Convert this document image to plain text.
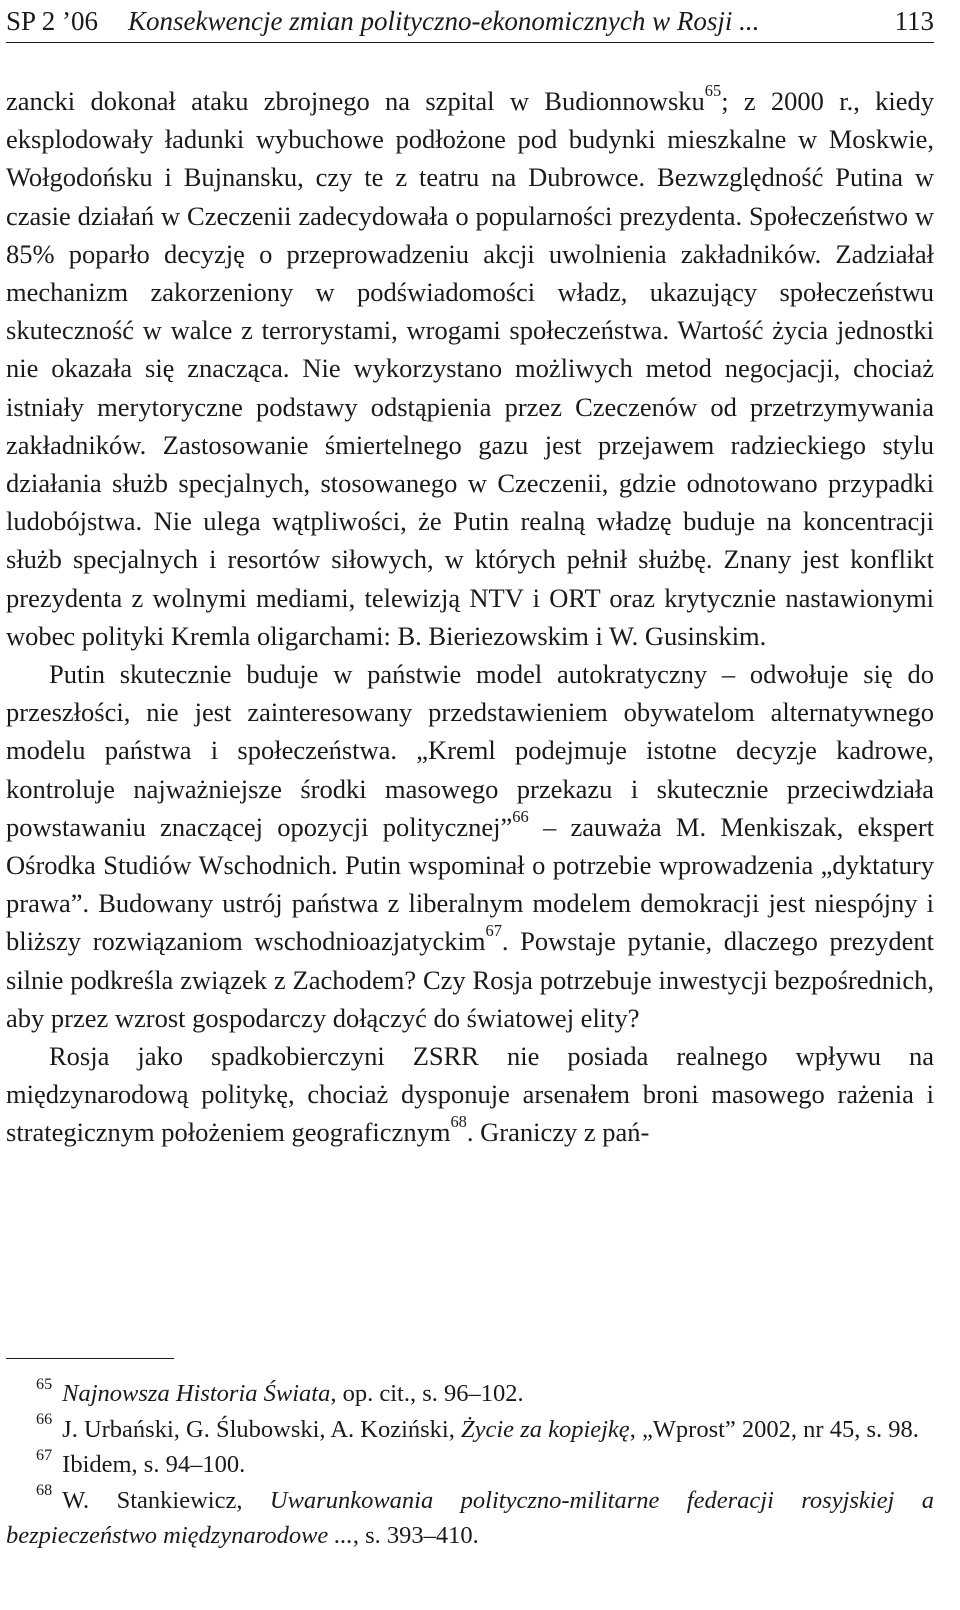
SP 2 ’06 Konsekwencje zmian polityczno-ekonomicznych w Rosji ...	113

zancki dokonał ataku zbrojnego na szpital w Budionnowsku$^{65}$; z 2000 r., kiedy eksplodowały ładunki wybuchowe podłożone pod budynki mieszkalne w Moskwie, Wołgodońsku i Bujnansku, czy te z teatru na Dubrowce. Bezwzględność Putina w czasie działań w Czeczenii zadecydowała o popularności prezydenta. Społeczeństwo w 85% poparło decyzję o przeprowadzeniu akcji uwolnienia zakładników. Zadziałał mechanizm zakorzeniony w podświadomości władz, ukazujący społeczeństwu skuteczność w walce z terrorystami, wrogami społeczeństwa. Wartość życia jednostki nie okazała się znacząca. Nie wykorzystano możliwych metod negocjacji, chociaż istniały merytoryczne podstawy odstąpienia przez Czeczenów od przetrzymywania zakładników. Zastosowanie śmiertelnego gazu jest przejawem radzieckiego stylu działania służb specjalnych, stosowanego w Czeczenii, gdzie odnotowano przypadki ludobójstwa. Nie ulega wątpliwości, że Putin realną władzę buduje na koncentracji służb specjalnych i resortów siłowych, w których pełnił służbę. Znany jest konflikt prezydenta z wolnymi mediami, telewizją NTV i ORT oraz krytycznie nastawionymi wobec polityki Kremla oligarchami: B. Bieriezowskim i W. Gusinskim.

Putin skutecznie buduje w państwie model autokratyczny – odwołuje się do przeszłości, nie jest zainteresowany przedstawieniem obywatelom alternatywnego modelu państwa i społeczeństwa. „Kreml podejmuje istotne decyzje kadrowe, kontroluje najważniejsze środki masowego przekazu i skutecznie przeciwdziała powstawaniu znaczącej opozycji politycznej”$^{66}$ – zauważa M. Menkiszak, ekspert Ośrodka Studiów Wschodnich. Putin wspominał o potrzebie wprowadzenia „dyktatury prawa”. Budowany ustrój państwa z liberalnym modelem demokracji jest niespójny i bliższy rozwiązaniom wschodnioazjatyckim$^{67}$. Powstaje pytanie, dlaczego prezydent silnie podkreśla związek z Zachodem? Czy Rosja potrzebuje inwestycji bezpośrednich, aby przez wzrost gospodarczy dołączyć do światowej elity?

Rosja jako spadkobierczyni ZSRR nie posiada realnego wpływu na międzynarodową politykę, chociaż dysponuje arsenałem broni masowego rażenia i strategicznym położeniem geograficznym$^{68}$. Graniczy z pań-

$^{65}$ Najnowsza Historia Świata, op. cit., s. 96–102.

$^{66}$ J. Urbański, G. Ślubowski, A. Koziński, Życie za kopiejkę, „Wprost” 2002, nr 45, s. 98.

$^{67}$ Ibidem, s. 94–100.

$^{68}$ W. Stankiewicz, Uwarunkowania polityczno-militarne federacji rosyjskiej a bezpieczeństwo międzynarodowe ..., s. 393–410.
